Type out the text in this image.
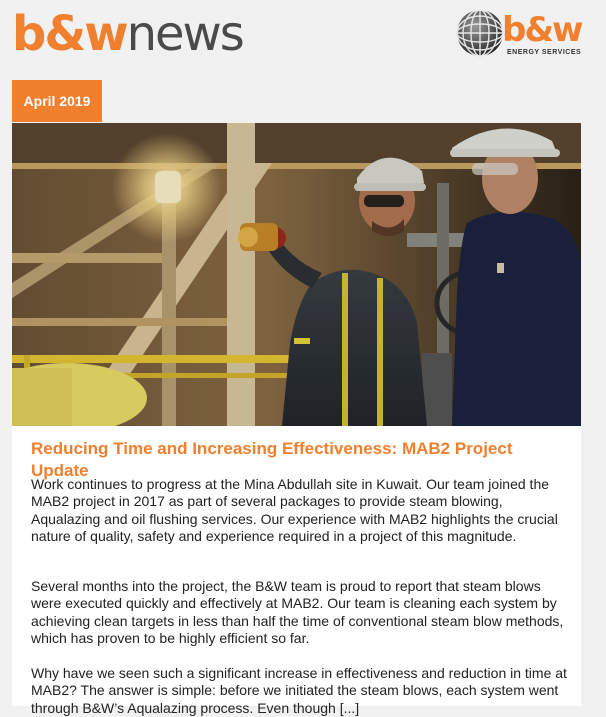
b&wnews	b&w
ENERGY SERVICES
April 2019
Reducing Time and Increasing Effectiveness: MAB2 Project Update

Work continues to progress at the Mina Abdullah site in Kuwait. Our team joined the MAB2 project in 2017 as part of several packages to provide steam blowing, Aqualazing and oil flushing services. Our experience with MAB2 highlights the crucial nature of quality, safety and experience required in a project of this magnitude.

Several months into the project, the B&W team is proud to report that steam blows were executed quickly and effectively at MAB2. Our team is cleaning each system by achieving clean targets in less than half the time of conventional steam blow methods, which has proven to be highly efficient so far.

Why have we seen such a significant increase in effectiveness and reduction in time at MAB2? The answer is simple: before we initiated the steam blows, each system went through B&W’s Aqualazing process. Even though [...]
